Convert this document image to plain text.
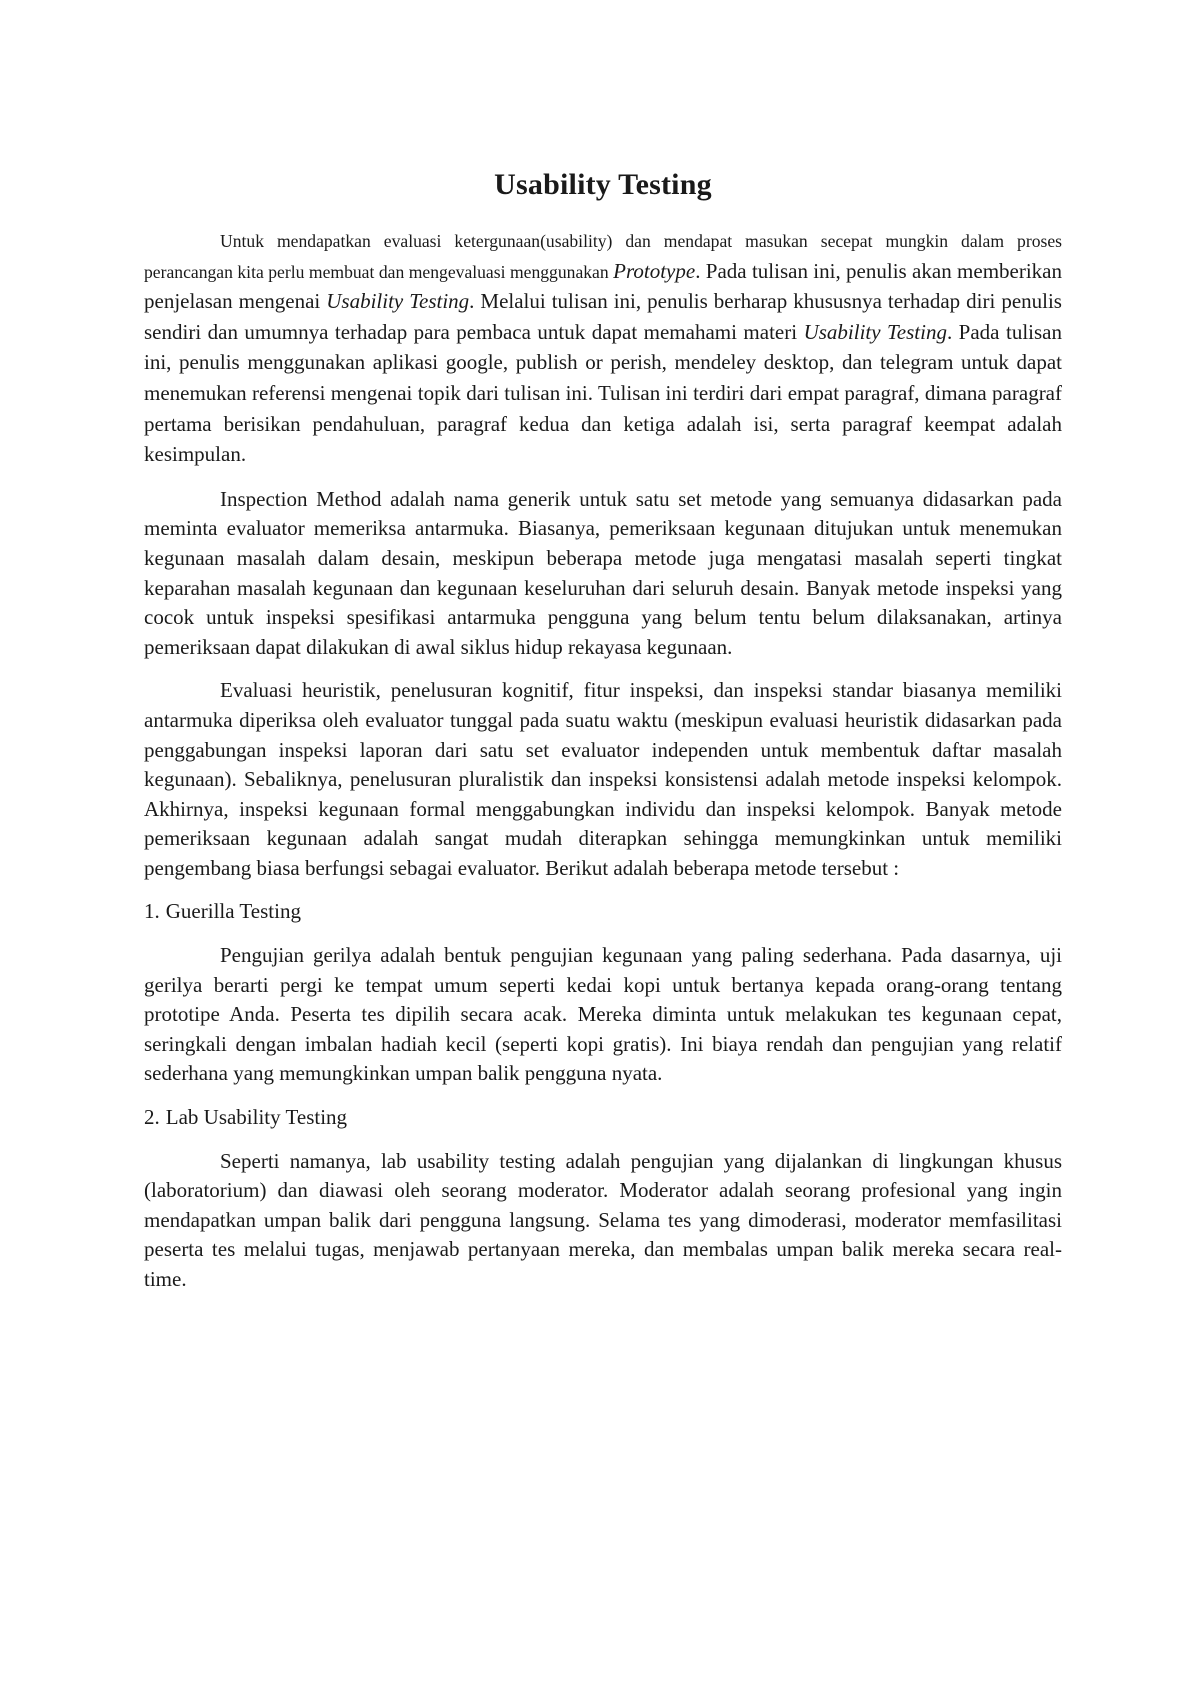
Usability Testing

Untuk mendapatkan evaluasi ketergunaan(usability) dan mendapat masukan secepat mungkin dalam proses perancangan kita perlu membuat dan mengevaluasi menggunakan Prototype. Pada tulisan ini, penulis akan memberikan penjelasan mengenai Usability Testing. Melalui tulisan ini, penulis berharap khususnya terhadap diri penulis sendiri dan umumnya terhadap para pembaca untuk dapat memahami materi Usability Testing. Pada tulisan ini, penulis menggunakan aplikasi google, publish or perish, mendeley desktop, dan telegram untuk dapat menemukan referensi mengenai topik dari tulisan ini. Tulisan ini terdiri dari empat paragraf, dimana paragraf pertama berisikan pendahuluan, paragraf kedua dan ketiga adalah isi, serta paragraf keempat adalah kesimpulan.

Inspection Method adalah nama generik untuk satu set metode yang semuanya didasarkan pada meminta evaluator memeriksa antarmuka. Biasanya, pemeriksaan kegunaan ditujukan untuk menemukan kegunaan masalah dalam desain, meskipun beberapa metode juga mengatasi masalah seperti tingkat keparahan masalah kegunaan dan kegunaan keseluruhan dari seluruh desain. Banyak metode inspeksi yang cocok untuk inspeksi spesifikasi antarmuka pengguna yang belum tentu belum dilaksanakan, artinya pemeriksaan dapat dilakukan di awal siklus hidup rekayasa kegunaan.

Evaluasi heuristik, penelusuran kognitif, fitur inspeksi, dan inspeksi standar biasanya memiliki antarmuka diperiksa oleh evaluator tunggal pada suatu waktu (meskipun evaluasi heuristik didasarkan pada penggabungan inspeksi laporan dari satu set evaluator independen untuk membentuk daftar masalah kegunaan). Sebaliknya, penelusuran pluralistik dan inspeksi konsistensi adalah metode inspeksi kelompok. Akhirnya, inspeksi kegunaan formal menggabungkan individu dan inspeksi kelompok. Banyak metode pemeriksaan kegunaan adalah sangat mudah diterapkan sehingga memungkinkan untuk memiliki pengembang biasa berfungsi sebagai evaluator. Berikut adalah beberapa metode tersebut :

1. Guerilla Testing

Pengujian gerilya adalah bentuk pengujian kegunaan yang paling sederhana. Pada dasarnya, uji gerilya berarti pergi ke tempat umum seperti kedai kopi untuk bertanya kepada orang-orang tentang prototipe Anda. Peserta tes dipilih secara acak. Mereka diminta untuk melakukan tes kegunaan cepat, seringkali dengan imbalan hadiah kecil (seperti kopi gratis). Ini biaya rendah dan pengujian yang relatif sederhana yang memungkinkan umpan balik pengguna nyata.

2. Lab Usability Testing

Seperti namanya, lab usability testing adalah pengujian yang dijalankan di lingkungan khusus (laboratorium) dan diawasi oleh seorang moderator. Moderator adalah seorang profesional yang ingin mendapatkan umpan balik dari pengguna langsung. Selama tes yang dimoderasi, moderator memfasilitasi peserta tes melalui tugas, menjawab pertanyaan mereka, dan membalas umpan balik mereka secara real-time.
